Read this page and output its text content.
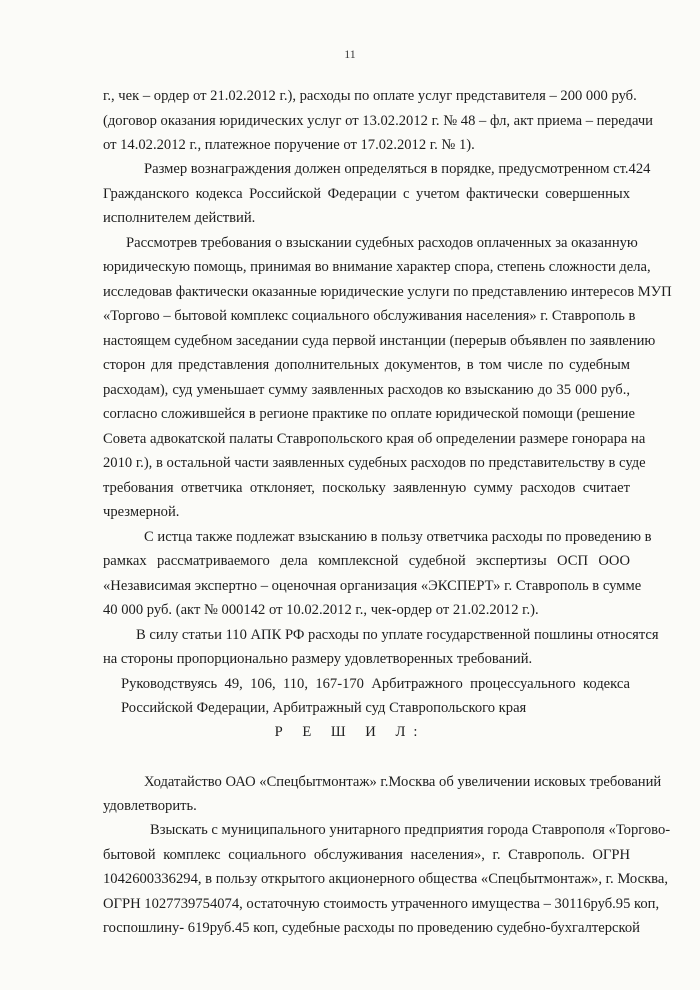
11
г., чек – ордер от 21.02.2012 г.), расходы по оплате услуг представителя – 200 000 руб.
(договор оказания юридических услуг от 13.02.2012 г. № 48 – фл, акт приема – передачи
от 14.02.2012 г., платежное поручение от 17.02.2012 г. № 1).
Размер вознаграждения должен определяться в порядке, предусмотренном ст.424
Гражданского кодекса Российской Федерации с учетом фактически совершенных
исполнителем действий.
Рассмотрев требования о взыскании судебных расходов оплаченных за оказанную
юридическую помощь, принимая во внимание характер спора, степень сложности дела,
исследовав фактически оказанные юридические услуги по представлению интересов МУП
«Торгово – бытовой комплекс социального обслуживания населения» г. Ставрополь в
настоящем судебном заседании суда первой инстанции (перерыв объявлен по заявлению
сторон для представления дополнительных документов, в том числе по судебным
расходам), суд уменьшает сумму заявленных расходов ко взысканию до 35 000 руб.,
согласно сложившейся в регионе практике по оплате юридической помощи (решение
Совета адвокатской палаты Ставропольского края об определении размере гонорара на
2010 г.), в остальной части заявленных судебных расходов по представительству в суде
требования ответчика отклоняет, поскольку заявленную сумму расходов считает
чрезмерной.
С истца также подлежат взысканию в пользу ответчика расходы по проведению в
рамках рассматриваемого дела комплексной судебной экспертизы ОСП ООО
«Независимая экспертно – оценочная организация «ЭКСПЕРТ» г. Ставрополь в сумме
40 000 руб. (акт № 000142 от 10.02.2012 г., чек-ордер от 21.02.2012 г.).
В силу статьи 110 АПК РФ расходы по уплате государственной пошлины относятся
на стороны пропорционально размеру удовлетворенных требований.
Руководствуясь 49, 106, 110, 167-170 Арбитражного процессуального кодекса
Российской Федерации, Арбитражный суд Ставропольского края
Р Е Ш И Л:
Ходатайство ОАО «Спецбытмонтаж» г.Москва об увеличении исковых требований
удовлетворить.
Взыскать с муниципального унитарного предприятия города Ставрополя «Торгово-
бытовой комплекс социального обслуживания населения», г. Ставрополь. ОГРН
1042600336294, в пользу открытого акционерного общества «Спецбытмонтаж», г. Москва,
ОГРН 1027739754074, остаточную стоимость утраченного имущества – 30116руб.95 коп,
госпошлину- 619руб.45 коп, судебные расходы по проведению судебно-бухгалтерской
